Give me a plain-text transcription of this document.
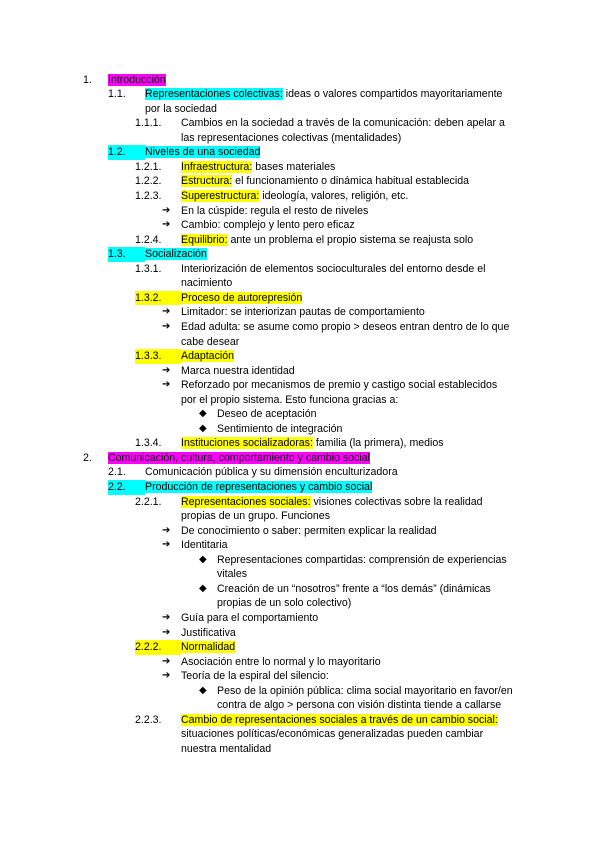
1. Introducción
1.1. Representaciones colectivas: ideas o valores compartidos mayoritariamente
por la sociedad
1.1.1. Cambios en la sociedad a través de la comunicación: deben apelar a
las representaciones colectivas (mentalidades)
1.2.	Niveles de una sociedad
1.2.1. Infraestructura: bases materiales
1.2.2. Estructura: el funcionamiento o dinámica habitual establecida
1.2.3. Superestructura: ideología, valores, religión, etc.
➔ En la cúspide: regula el resto de niveles
➔ Cambio: complejo y lento pero eficaz
1.2.4. Equilibrio: ante un problema el propio sistema se reajusta solo
1.3.	Socialización
1.3.1. Interiorización de elementos socioculturales del entorno desde el
nacimiento
1.3.2.	Proceso de autorepresión
➔ Limitador: se interiorizan pautas de comportamiento
➔ Edad adulta: se asume como propio > deseos entran dentro de lo que
cabe desear
1.3.3.	Adaptación
➔ Marca nuestra identidad
➔ Reforzado por mecanismos de premio y castigo social establecidos
por el propio sistema. Esto funciona gracias a:
◆ Deseo de aceptación
◆ Sentimiento de integración
1.3.4. Instituciones socializadoras: familia (la primera), medios
2. Comunicación, cultura, comportamiento y cambio social
2.1. Comunicación pública y su dimensión enculturizadora
2.2.	Producción de representaciones y cambio social
2.2.1. Representaciones sociales: visiones colectivas sobre la realidad
propias de un grupo. Funciones
➔ De conocimiento o saber: permiten explicar la realidad
➔ Identitaria
◆ Representaciones compartidas: comprensión de experiencias
vitales
◆ Creación de un “nosotros” frente a “los demás” (dinámicas
propias de un solo colectivo)
➔ Guía para el comportamiento
➔ Justificativa
2.2.2.	Normalidad
➔ Asociación entre lo normal y lo mayoritario
➔ Teoría de la espiral del silencio:
◆ Peso de la opinión pública: clima social mayoritario en favor/en
contra de algo > persona con visión distinta tiende a callarse
2.2.3. Cambio de representaciones sociales a través de un cambio social:
situaciones políticas/económicas generalizadas pueden cambiar
nuestra mentalidad
